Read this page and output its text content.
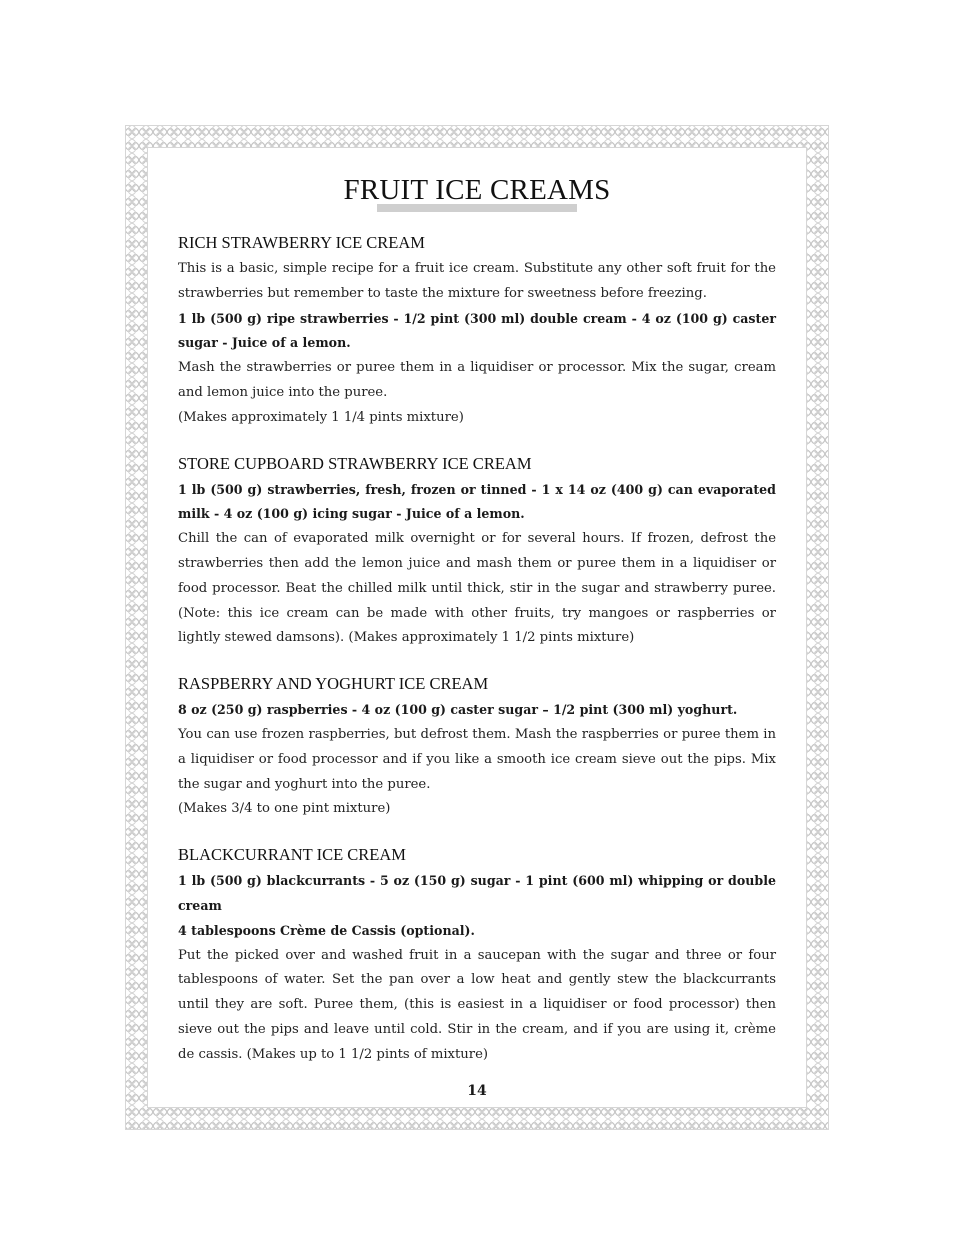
FRUIT ICE CREAMS
RICH STRAWBERRY ICE CREAM

This is a basic, simple recipe for a fruit ice cream. Substitute any other soft fruit for the strawberries but remember to taste the mixture for sweetness before freezing.

1 lb (500 g) ripe strawberries - 1/2 pint (300 ml) double cream - 4 oz (100 g) caster sugar - Juice of a lemon.

Mash the strawberries or puree them in a liquidiser or processor. Mix the sugar, cream and lemon juice into the puree.

(Makes approximately 1 1/4 pints mixture)

STORE CUPBOARD STRAWBERRY ICE CREAM

1 lb (500 g) strawberries, fresh, frozen or tinned - 1 x 14 oz (400 g) can evaporated milk - 4 oz (100 g) icing sugar - Juice of a lemon.

Chill the can of evaporated milk overnight or for several hours. If frozen, defrost the strawberries then add the lemon juice and mash them or puree them in a liquidiser or food processor. Beat the chilled milk until thick, stir in the sugar and strawberry puree. (Note: this ice cream can be made with other fruits, try mangoes or raspberries or lightly stewed damsons). (Makes approximately 1 1/2 pints mixture)

RASPBERRY AND YOGHURT ICE CREAM

8 oz (250 g) raspberries - 4 oz (100 g) caster sugar – 1/2 pint (300 ml) yoghurt.

You can use frozen raspberries, but defrost them. Mash the raspberries or puree them in a liquidiser or food processor and if you like a smooth ice cream sieve out the pips. Mix the sugar and yoghurt into the puree.

(Makes 3/4 to one pint mixture)

BLACKCURRANT ICE CREAM

1 lb (500 g) blackcurrants - 5 oz (150 g) sugar - 1 pint (600 ml) whipping or double cream

4 tablespoons Crème de Cassis (optional).

Put the picked over and washed fruit in a saucepan with the sugar and three or four tablespoons of water. Set the pan over a low heat and gently stew the blackcurrants until they are soft. Puree them, (this is easiest in a liquidiser or food processor) then sieve out the pips and leave until cold. Stir in the cream, and if you are using it, crème de cassis. (Makes up to 1 1/2 pints of mixture)

14
